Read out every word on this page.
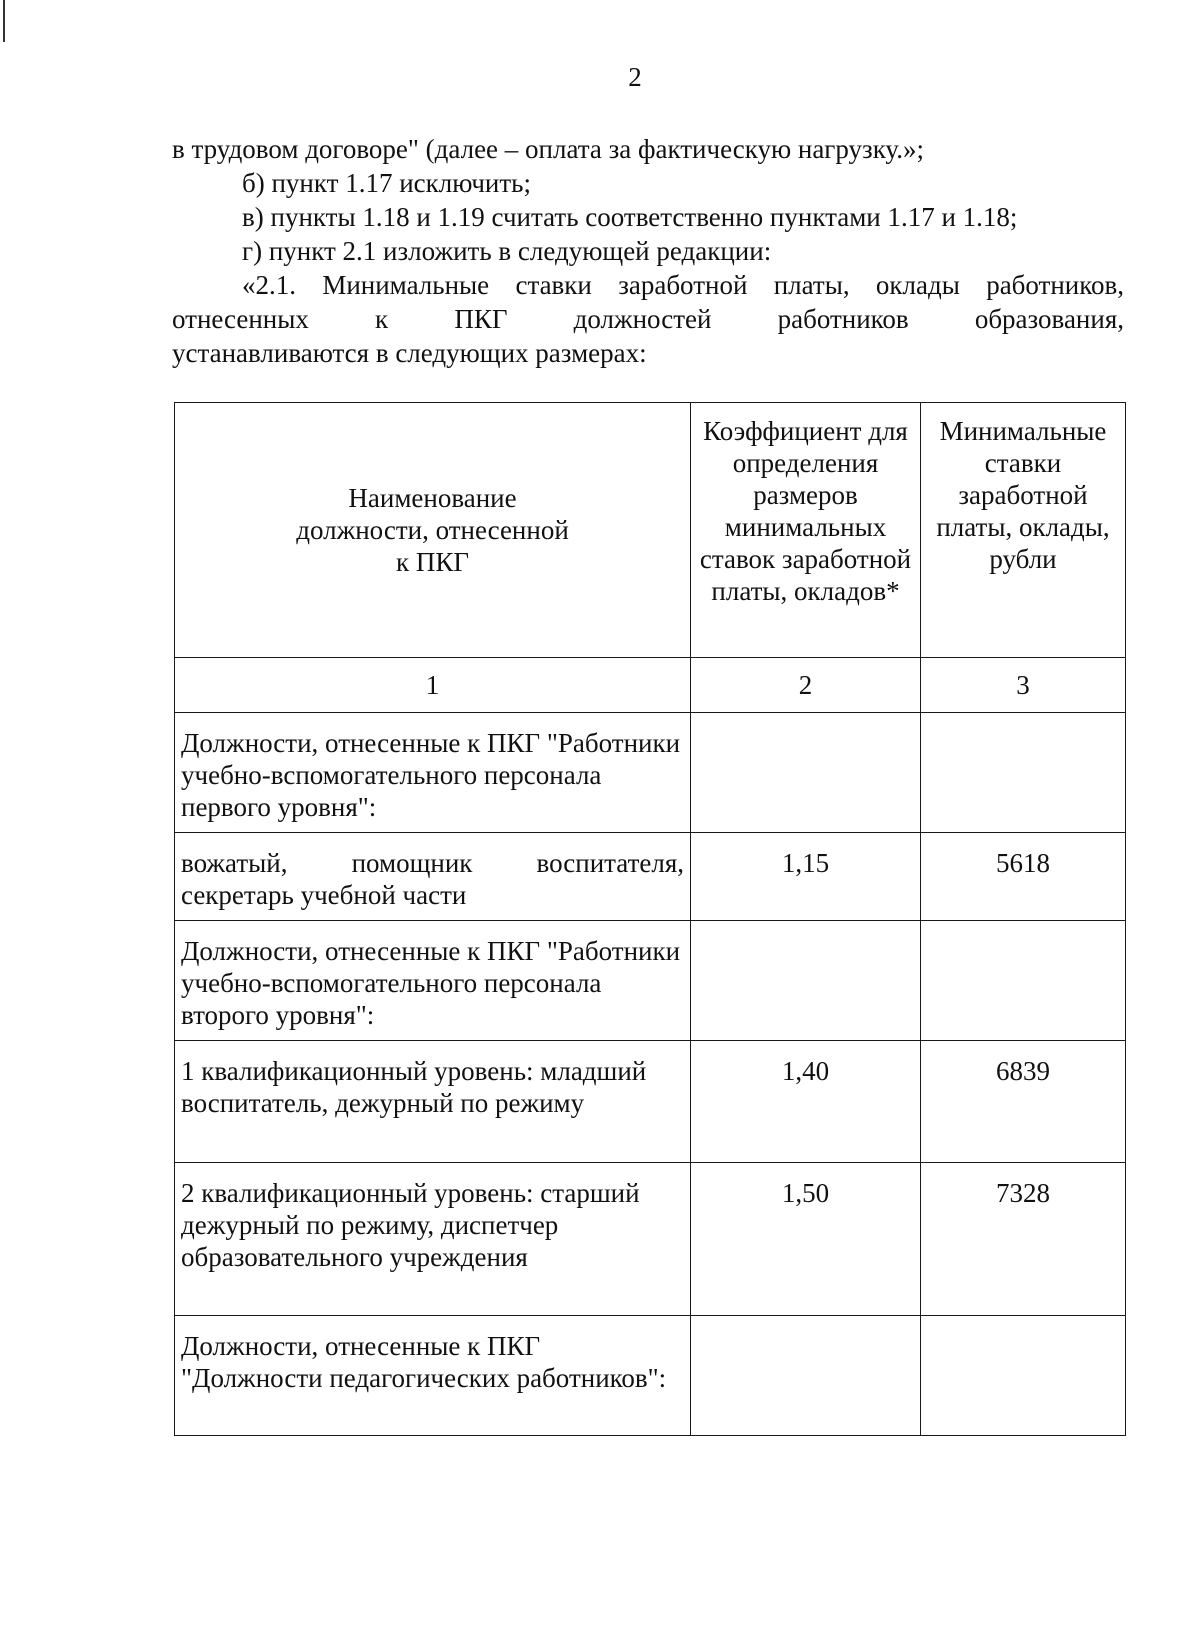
2

в трудовом договоре" (далее – оплата за фактическую нагрузку.»;

б) пункт 1.17 исключить;

в) пункты 1.18 и 1.19 считать соответственно пунктами 1.17 и 1.18;

г) пункт 2.1 изложить в следующей редакции:

«2.1. Минимальные ставки заработной платы, оклады работников,

отнесенных к ПКГ должностей работников образования,

устанавливаются в следующих размерах:

Наименование должности, отнесенной к ПКГ	Коэффициент для определения размеров минимальных ставок заработной платы, окладов*	Минимальные ставки заработной платы, оклады, рубли
1	2	3
Должности, отнесенные к ПКГ "Работники учебно-вспомогательного персонала первого уровня":		
вожатый, помощник воспитателя, секретарь учебной части	1,15	5618
Должности, отнесенные к ПКГ "Работники учебно-вспомогательного персонала второго уровня":		
1 квалификационный уровень: младший воспитатель, дежурный по режиму	1,40	6839
2 квалификационный уровень: старший дежурный по режиму, диспетчер образовательного учреждения	1,50	7328
Должности, отнесенные к ПКГ "Должности педагогических работников":		
